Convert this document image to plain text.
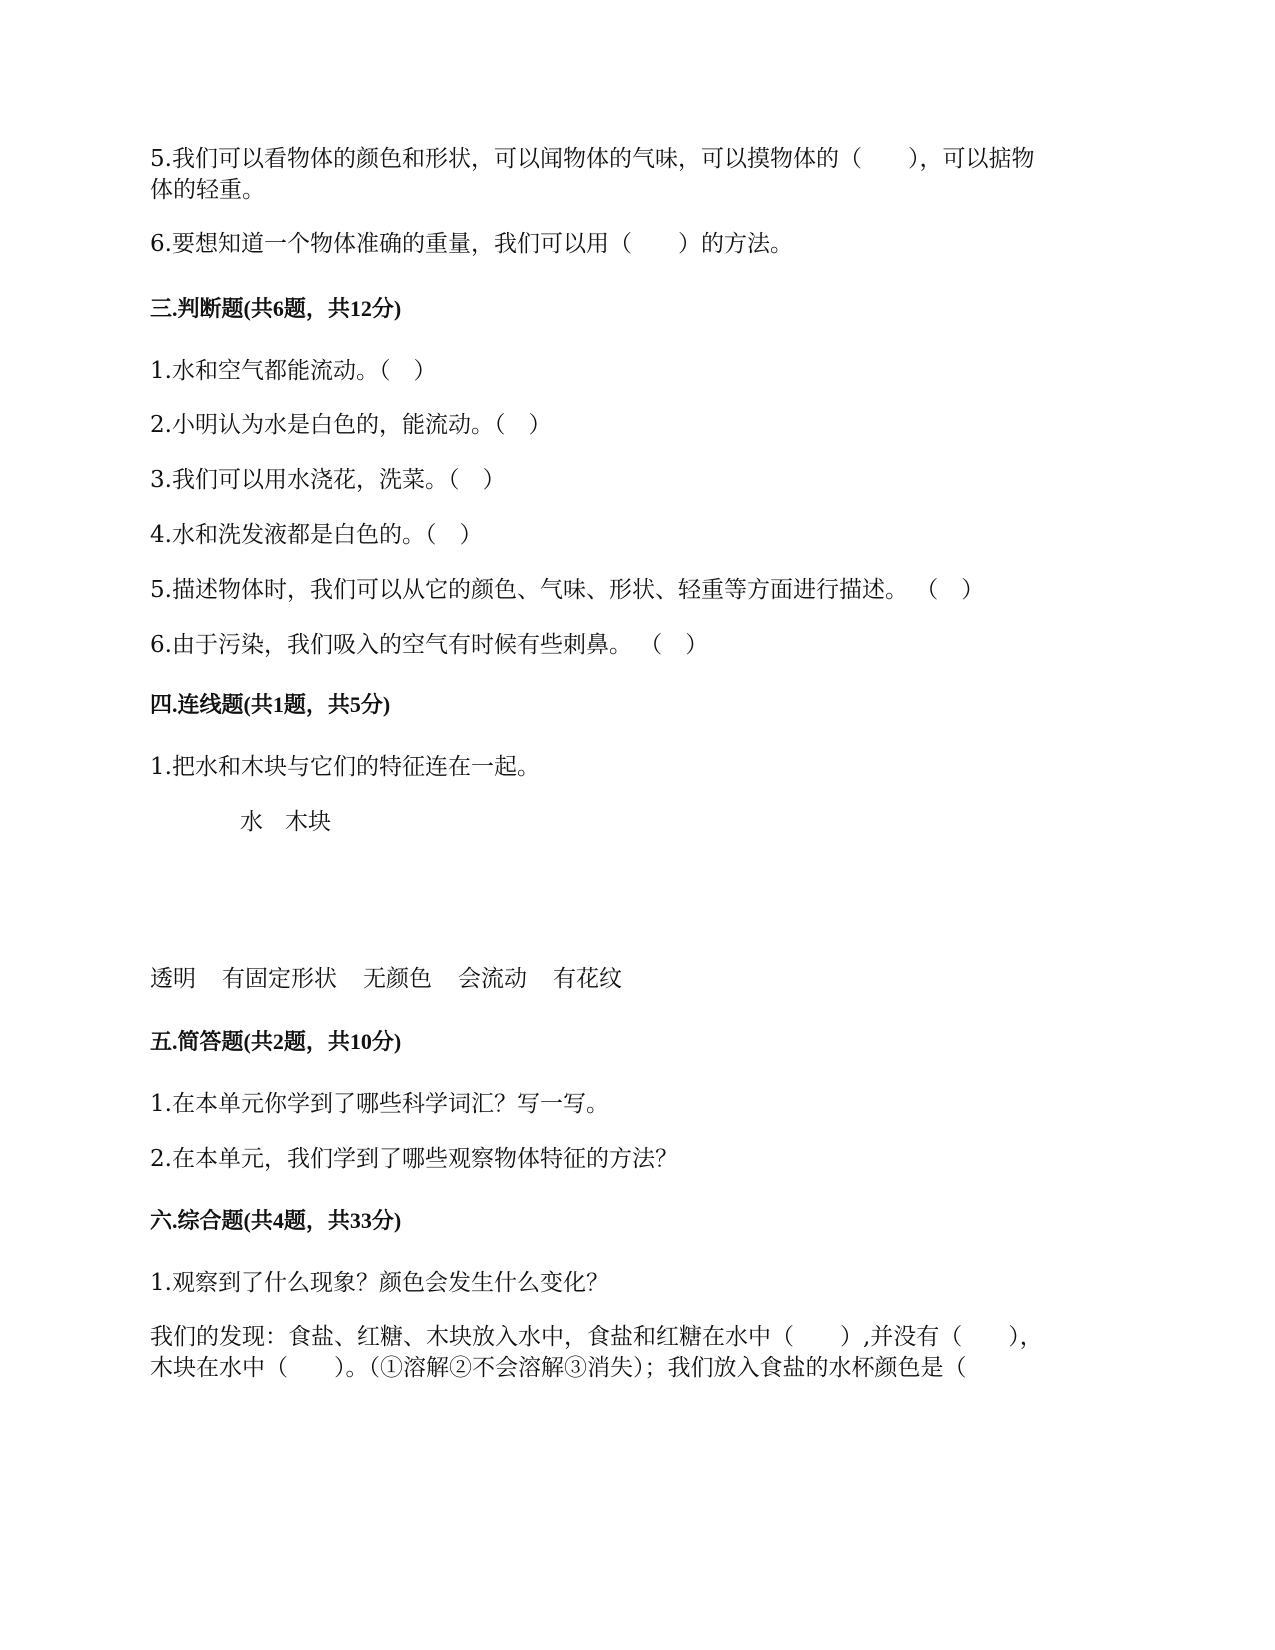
5.我们可以看物体的颜色和形状，可以闻物体的气味，可以摸物体的（　　），可以掂物
体的轻重。
6.要想知道一个物体准确的重量，我们可以用（　　）的方法。
三.判断题(共6题，共12分)
1.水和空气都能流动。（　）
2.小明认为水是白色的，能流动。（　）
3.我们可以用水浇花，洗菜。（　）
4.水和洗发液都是白色的。（　）
5.描述物体时，我们可以从它的颜色、气味、形状、轻重等方面进行描述。 （　）
6.由于污染，我们吸入的空气有时候有些刺鼻。 （　）
四.连线题(共1题，共5分)
1.把水和木块与它们的特征连在一起。
水 木块
透明 有固定形状 无颜色 会流动 有花纹
五.简答题(共2题，共10分)
1.在本单元你学到了哪些科学词汇？写一写。
2.在本单元，我们学到了哪些观察物体特征的方法？
六.综合题(共4题，共33分)
1.观察到了什么现象？颜色会发生什么变化？
我们的发现：食盐、红糖、木块放入水中，食盐和红糖在水中（　　）,并没有（　　），
木块在水中（　　）。（①溶解②不会溶解③消失）；我们放入食盐的水杯颜色是（
